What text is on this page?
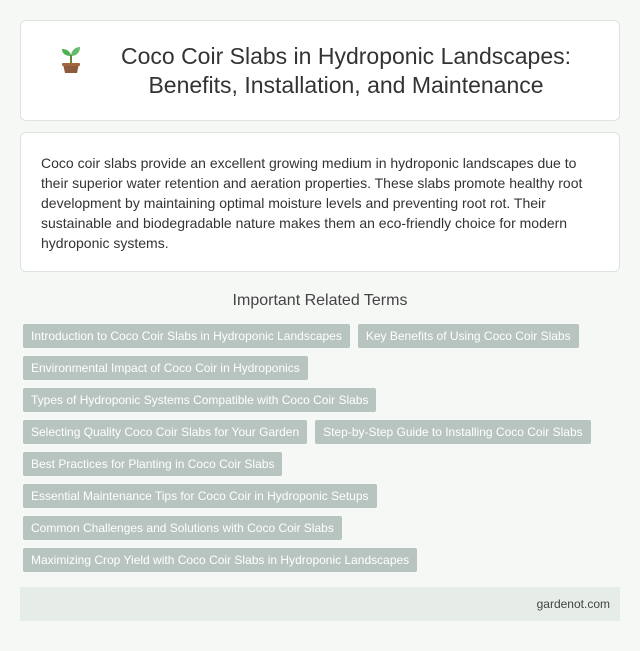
Coco Coir Slabs in Hydroponic Landscapes: Benefits, Installation, and Maintenance

Coco coir slabs provide an excellent growing medium in hydroponic landscapes due to their superior water retention and aeration properties. These slabs promote healthy root development by maintaining optimal moisture levels and preventing root rot. Their sustainable and biodegradable nature makes them an eco-friendly choice for modern hydroponic systems.

Important Related Terms
Introduction to Coco Coir Slabs in Hydroponic Landscapes	Key Benefits of Using Coco Coir Slabs
Environmental Impact of Coco Coir in Hydroponics
Types of Hydroponic Systems Compatible with Coco Coir Slabs
Selecting Quality Coco Coir Slabs for Your Garden	Step-by-Step Guide to Installing Coco Coir Slabs
Best Practices for Planting in Coco Coir Slabs
Essential Maintenance Tips for Coco Coir in Hydroponic Setups
Common Challenges and Solutions with Coco Coir Slabs
Maximizing Crop Yield with Coco Coir Slabs in Hydroponic Landscapes
gardenot.com
